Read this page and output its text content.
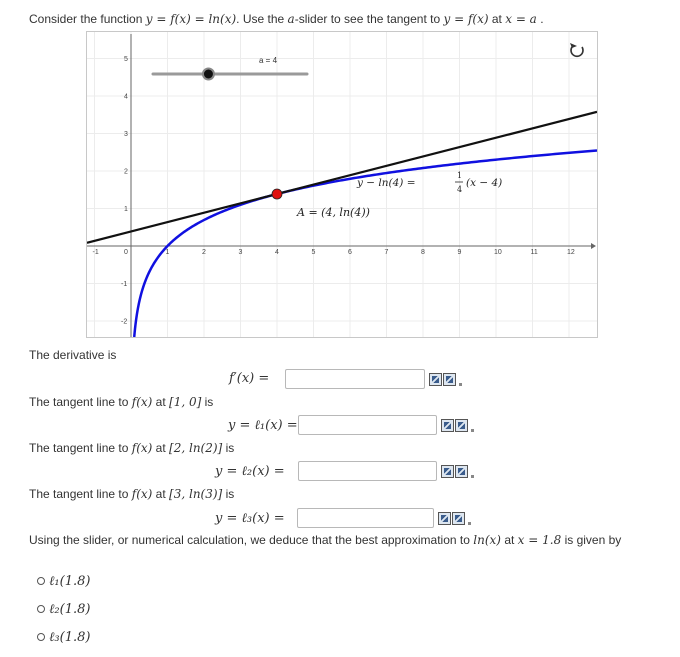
Consider the function y = f(x) = ln(x). Use the a-slider to see the tangent to y = f(x) at x = a .
-1	0	1	2	3	4	5	6	7	8	9	10	11	12
-2
-1
1
2
3
4
5	a = 4
A = (4, ln(4))
y − ln(4) =
1
4
(x − 4)
The derivative is
f′(x) =
The tangent line to f(x) at [1, 0] is
y = ℓ₁(x) =
The tangent line to f(x) at [2, ln(2)] is
y = ℓ₂(x) =
The tangent line to f(x) at [3, ln(3)] is
y = ℓ₃(x) =
Using the slider, or numerical calculation, we deduce that the best approximation to ln(x) at x = 1.8 is given by
ℓ₁(1.8)
ℓ₂(1.8)
ℓ₃(1.8)
